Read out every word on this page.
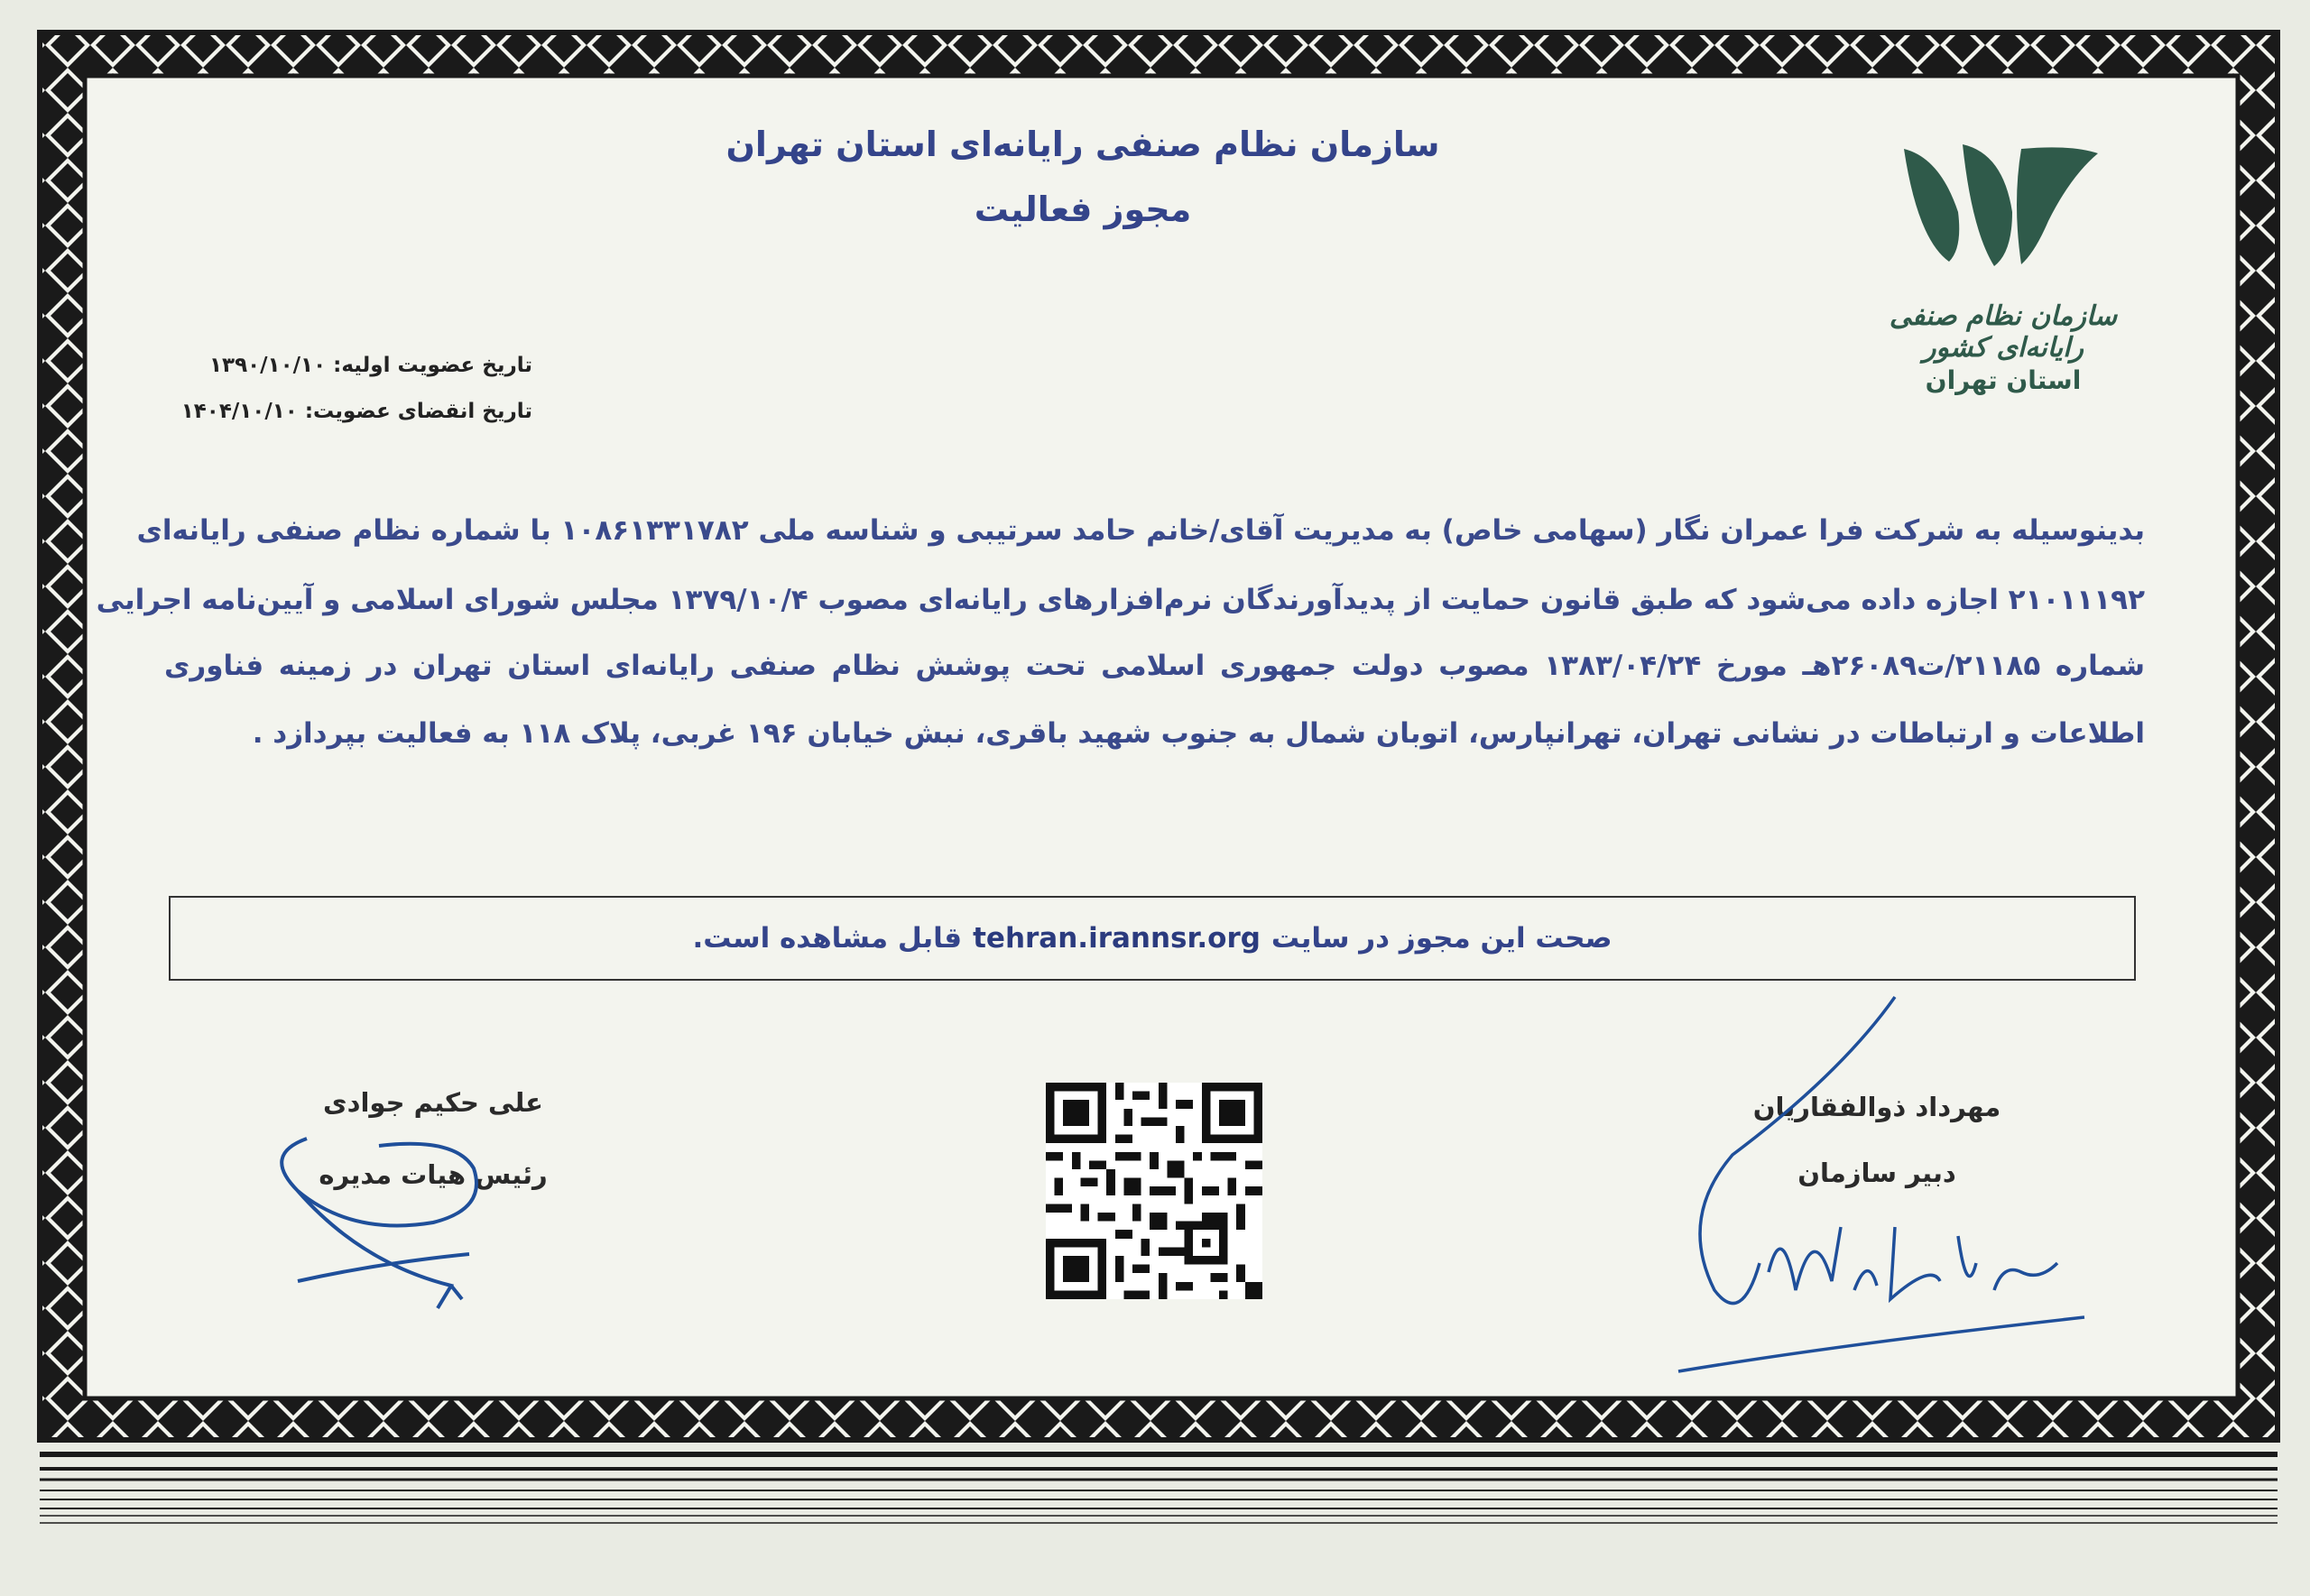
سازمان نظام صنفی رایانه‌ای استان تهران
مجوز فعالیت
سازمان نظام صنفی رایانه‌ای کشور
استان تهران
تاریخ عضویت اولیه: ۱۳۹۰/۱۰/۱۰
تاریخ انقضای عضویت: ۱۴۰۴/۱۰/۱۰
بدینوسیله به شرکت فرا عمران نگار (سهامی خاص) به مدیریت آقای/خانم حامد سرتیبی و شناسه ملی ۱۰۸۶۱۳۳۱۷۸۲ با شماره نظام صنفی رایانه‌ای
۲۱۰۱۱۱۹۲ اجازه داده می‌شود که طبق قانون حمایت از پدیدآورندگان نرم‌افزارهای رایانه‌ای مصوب ۱۳۷۹/۱۰/۴ مجلس شورای اسلامی و آیین‌نامه اجرایی
شماره ۲۱۱۸۵/ت۲۶۰۸۹هـ مورخ ۱۳۸۳/۰۴/۲۴ مصوب دولت جمهوری اسلامی تحت پوشش نظام صنفی رایانه‌ای استان تهران در زمینه فناوری
اطلاعات و ارتباطات در نشانی تهران، تهرانپارس، اتوبان شمال به جنوب شهید باقری، نبش خیابان ۱۹۶ غربی، پلاک ۱۱۸ به فعالیت بپردازد .
صحت این مجوز در سایت
tehran.irannsr.org
قابل مشاهده است.
علی حکیم جوادی
رئیس هیات مدیره
مهرداد ذوالفقاریان
دبیر سازمان
